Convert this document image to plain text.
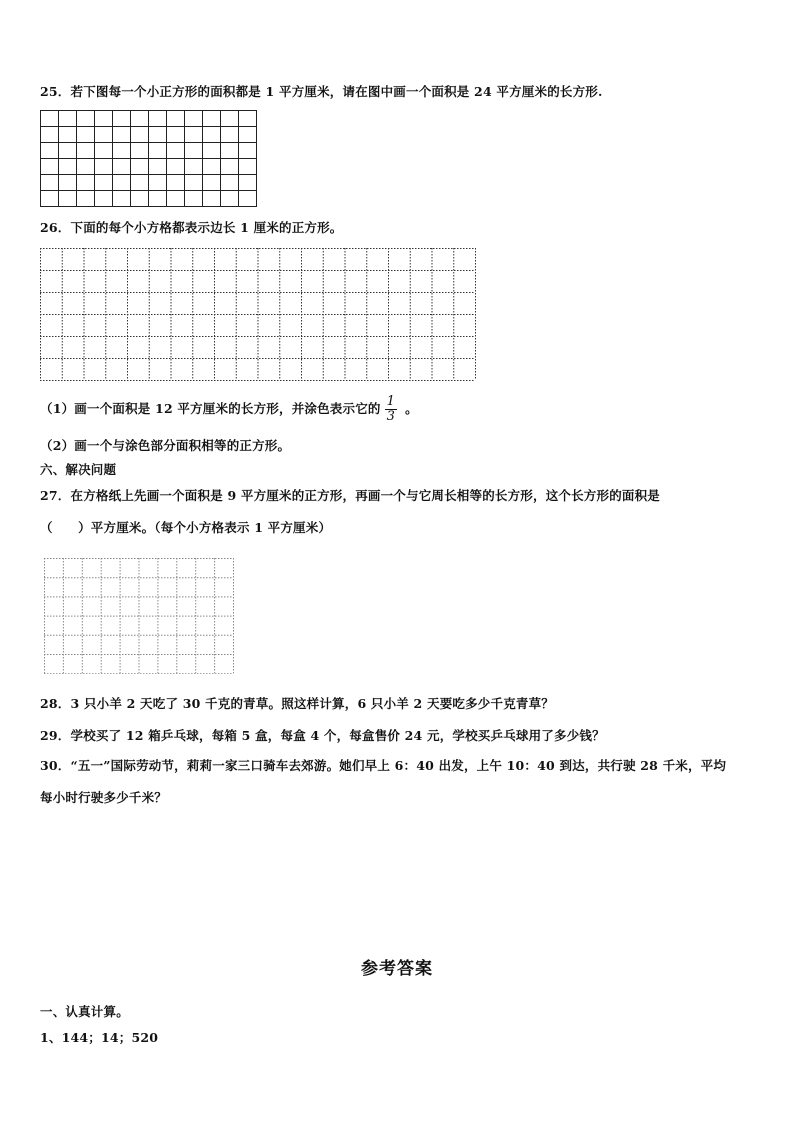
25．若下图每一个小正方形的面积都是 1 平方厘米，请在图中画一个面积是 24 平方厘米的长方形.
26．下面的每个小方格都表示边长 1 厘米的正方形。
（1）画一个面积是 12 平方厘米的长方形，并涂色表示它的 $\frac{1}{3}$ 。
（2）画一个与涂色部分面积相等的正方形。
六、解决问题
27．在方格纸上先画一个面积是 9 平方厘米的正方形，再画一个与它周长相等的长方形，这个长方形的面积是
（　　）平方厘米。（每个小方格表示 1 平方厘米）
28．3 只小羊 2 天吃了 30 千克的青草。照这样计算，6 只小羊 2 天要吃多少千克青草？
29．学校买了 12 箱乒乓球，每箱 5 盒，每盒 4 个，每盒售价 24 元，学校买乒乓球用了多少钱？
30．“五一”国际劳动节，莉莉一家三口骑车去郊游。她们早上 6：40 出发，上午 10：40 到达，共行驶 28 千米，平均
每小时行驶多少千米？
参考答案
一、认真计算。
1、144；14；520
